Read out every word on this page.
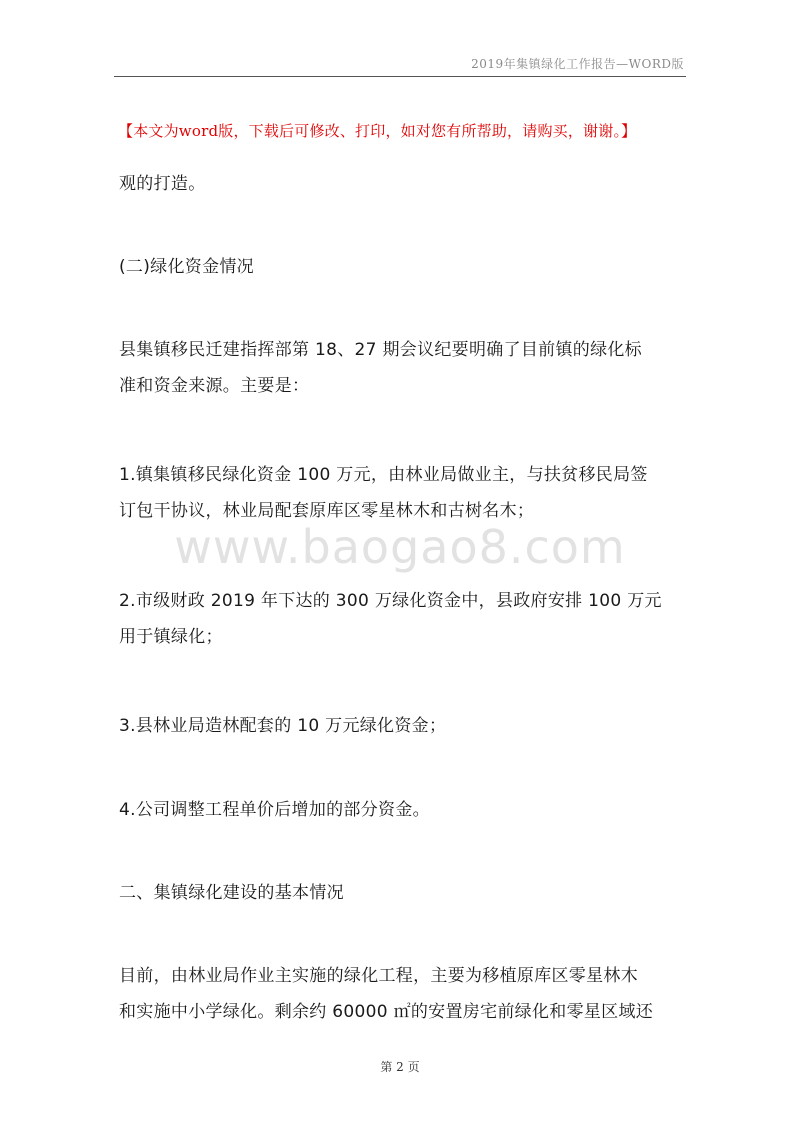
2019年集镇绿化工作报告—WORD版
【本文为word版，下载后可修改、打印，如对您有所帮助，请购买，谢谢。】
www.baogao8.com
观的打造。
(二)绿化资金情况
县集镇移民迁建指挥部第 18、27 期会议纪要明确了目前镇的绿化标
准和资金来源。主要是：
1.镇集镇移民绿化资金 100 万元，由林业局做业主，与扶贫移民局签
订包干协议，林业局配套原库区零星林木和古树名木；
2.市级财政 2019 年下达的 300 万绿化资金中，县政府安排 100 万元
用于镇绿化；
3.县林业局造林配套的 10 万元绿化资金；
4.公司调整工程单价后增加的部分资金。
二、集镇绿化建设的基本情况
目前，由林业局作业主实施的绿化工程，主要为移植原库区零星林木
和实施中小学绿化。剩余约 60000 ㎡的安置房宅前绿化和零星区域还
第 2 页
